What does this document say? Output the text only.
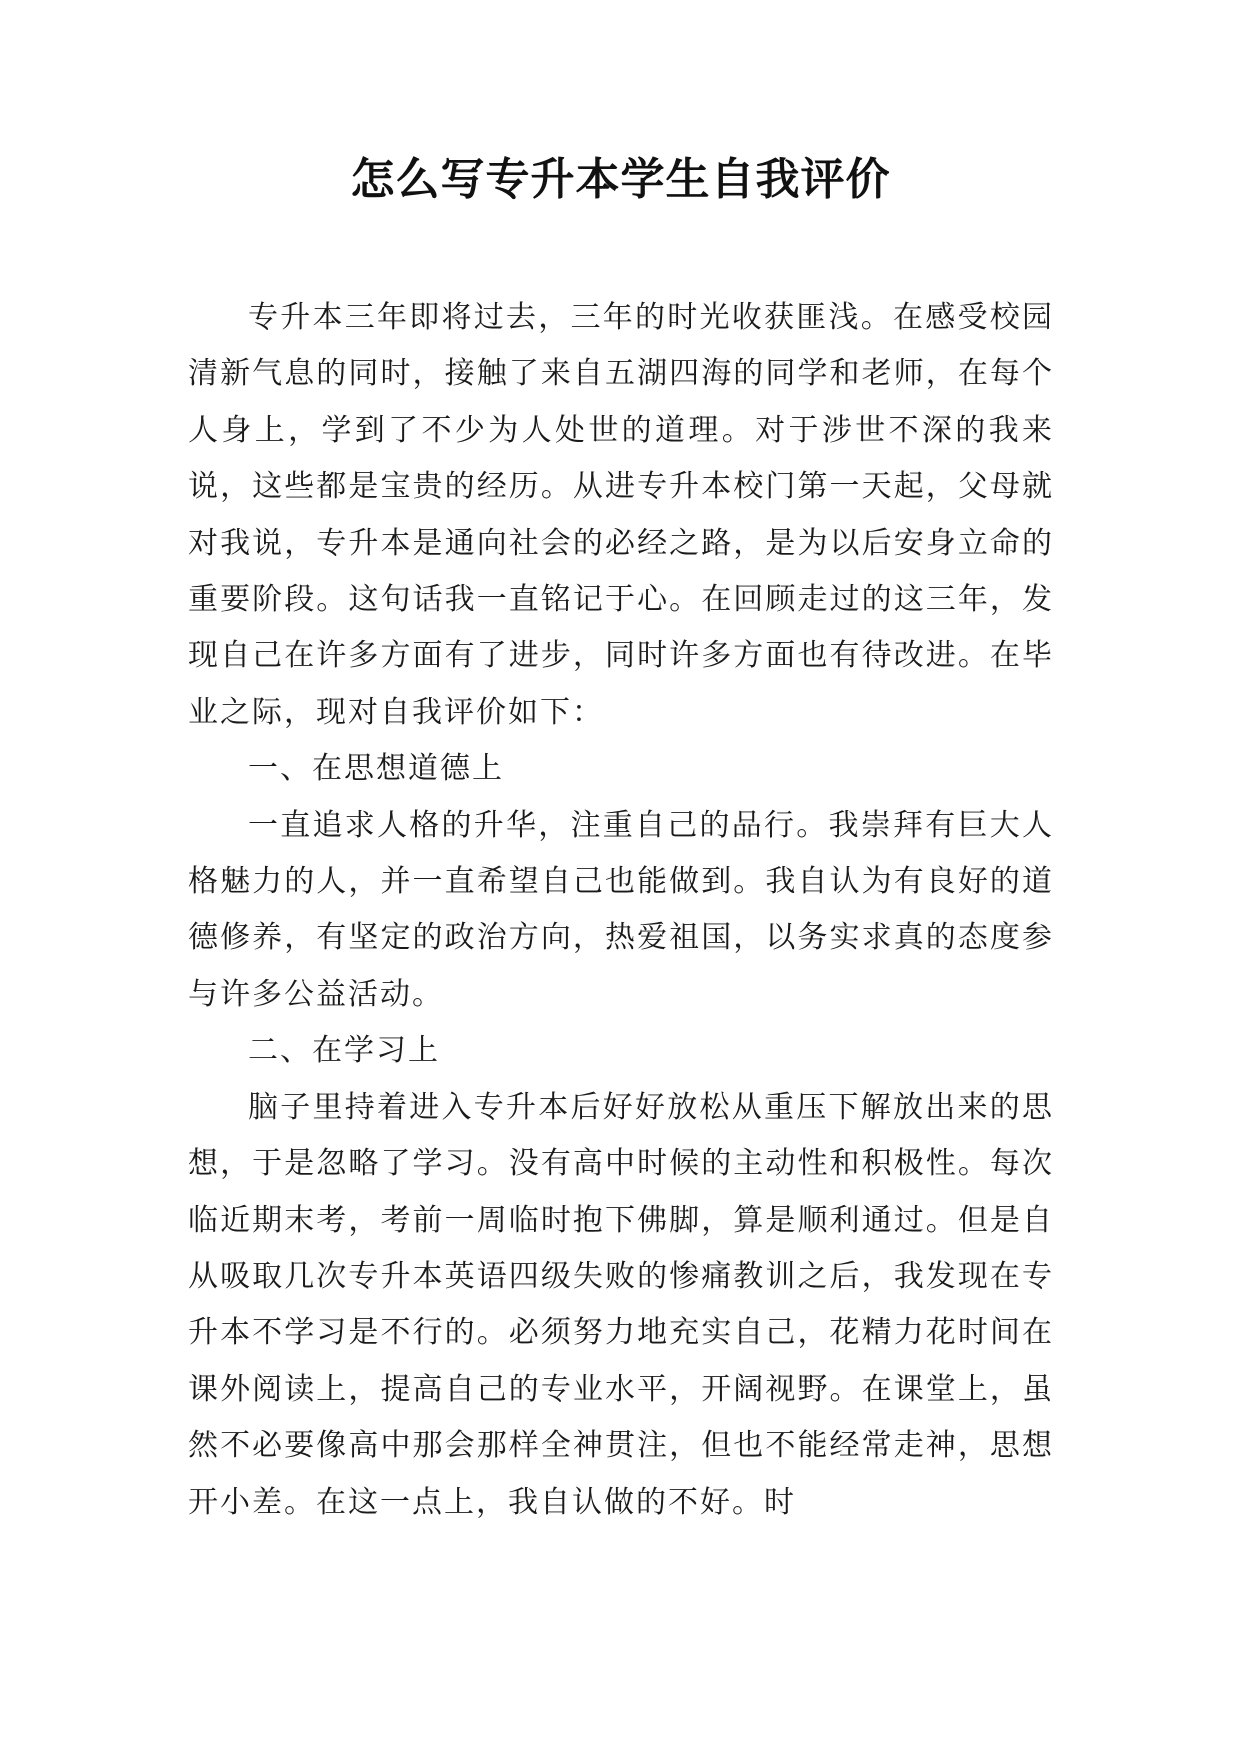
怎么写专升本学生自我评价

专升本三年即将过去，三年的时光收获匪浅。在感受校园清新气息的同时，接触了来自五湖四海的同学和老师，在每个人身上，学到了不少为人处世的道理。对于涉世不深的我来说，这些都是宝贵的经历。从进专升本校门第一天起，父母就对我说，专升本是通向社会的必经之路，是为以后安身立命的重要阶段。这句话我一直铭记于心。在回顾走过的这三年，发现自己在许多方面有了进步，同时许多方面也有待改进。在毕业之际，现对自我评价如下：

一、在思想道德上

一直追求人格的升华，注重自己的品行。我崇拜有巨大人格魅力的人，并一直希望自己也能做到。我自认为有良好的道德修养，有坚定的政治方向，热爱祖国，以务实求真的态度参与许多公益活动。

二、在学习上

脑子里持着进入专升本后好好放松从重压下解放出来的思想，于是忽略了学习。没有高中时候的主动性和积极性。每次临近期末考，考前一周临时抱下佛脚，算是顺利通过。但是自从吸取几次专升本英语四级失败的惨痛教训之后，我发现在专升本不学习是不行的。必须努力地充实自己，花精力花时间在课外阅读上，提高自己的专业水平，开阔视野。在课堂上，虽然不必要像高中那会那样全神贯注，但也不能经常走神，思想开小差。在这一点上，我自认做的不好。时
